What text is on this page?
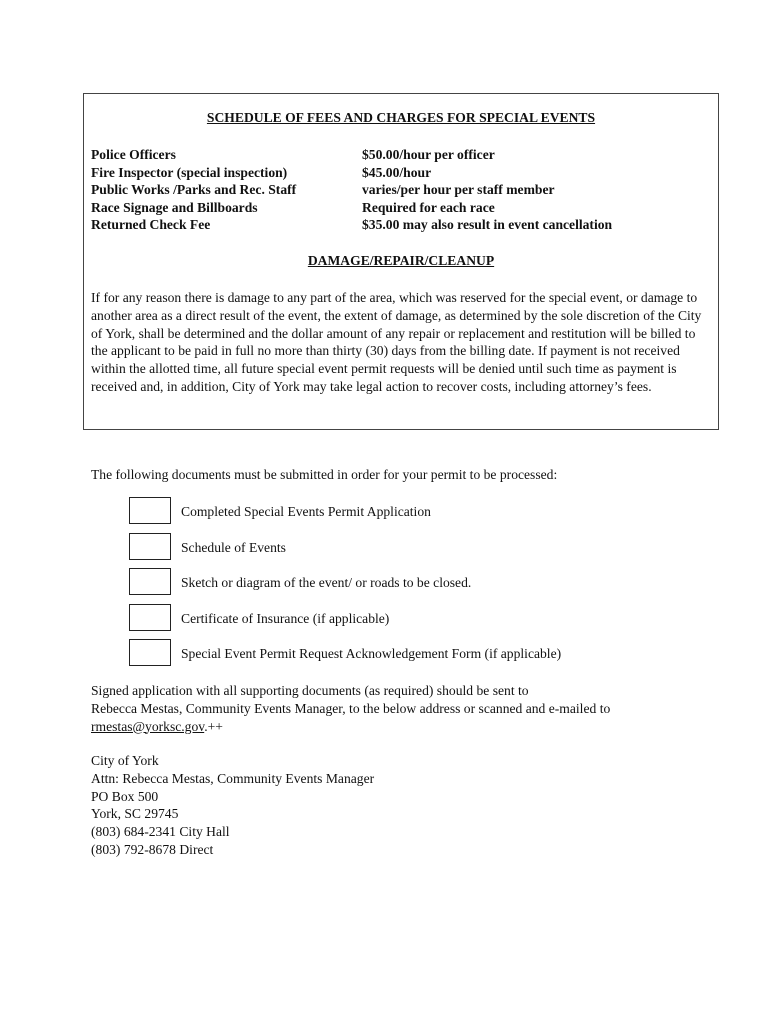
SCHEDULE OF FEES AND CHARGES FOR SPECIAL EVENTS
Police Officers	$50.00/hour per officer
Fire Inspector (special inspection)	$45.00/hour
Public Works /Parks and Rec. Staff	varies/per hour per staff member
Race Signage and Billboards	Required for each race
Returned Check Fee	$35.00 may also result in event cancellation
DAMAGE/REPAIR/CLEANUP
If for any reason there is damage to any part of the area, which was reserved for the special event, or damage to another area as a direct result of the event, the extent of damage, as determined by the sole discretion of the City of York, shall be determined and the dollar amount of any repair or replacement and restitution will be billed to the applicant to be paid in full no more than thirty (30) days from the billing date. If payment is not received within the allotted time, all future special event permit requests will be denied until such time as payment is received and, in addition, City of York may take legal action to recover costs, including attorney’s fees.
The following documents must be submitted in order for your permit to be processed:
Completed Special Events Permit Application
Schedule of Events
Sketch or diagram of the event/ or roads to be closed.
Certificate of Insurance (if applicable)
Special Event Permit Request Acknowledgement Form (if applicable)
Signed application with all supporting documents (as required) should be sent to
Rebecca Mestas, Community Events Manager, to the below address or scanned and e-mailed to
rmestas@yorksc.gov.++
City of York
Attn: Rebecca Mestas, Community Events Manager
PO Box 500
York, SC 29745
(803) 684-2341 City Hall
(803) 792-8678 Direct
